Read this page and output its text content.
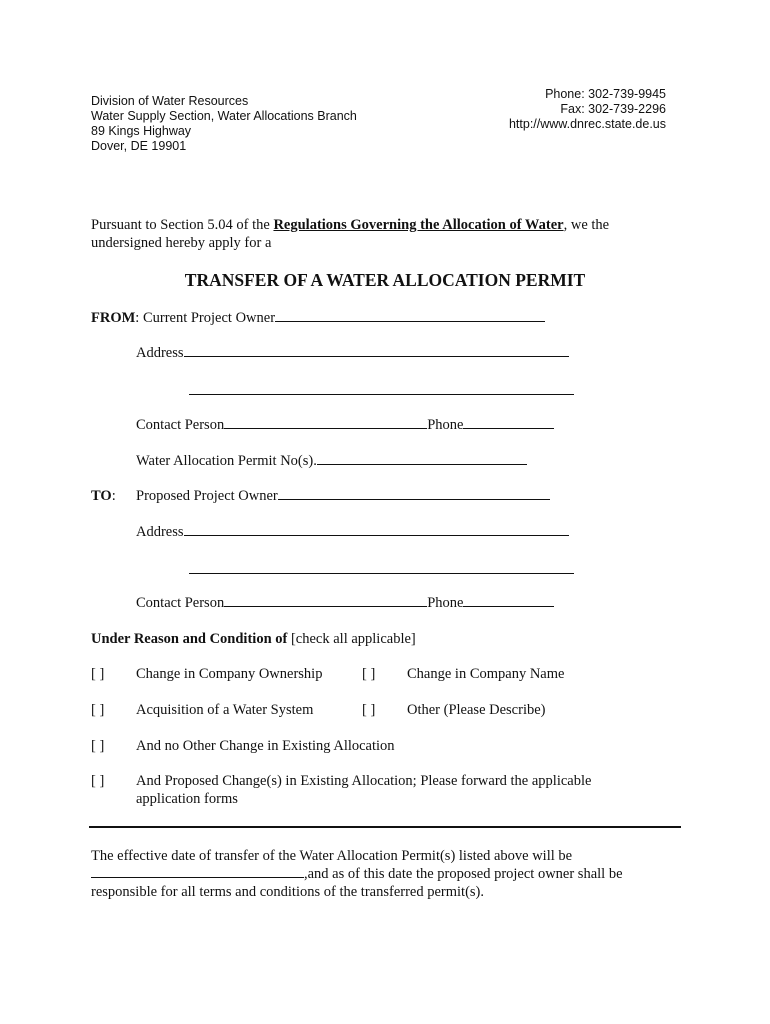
Division of Water Resources
Water Supply Section, Water Allocations Branch
89 Kings Highway
Dover, DE 19901
Phone: 302-739-9945
Fax: 302-739-2296
http://www.dnrec.state.de.us
Pursuant to Section 5.04 of the Regulations Governing the Allocation of Water, we the
undersigned hereby apply for a
TRANSFER OF A WATER ALLOCATION PERMIT
FROM: Current Project Owner
Address
Contact Person	Phone
Water Allocation Permit No(s).
TO: Proposed Project Owner
Address
Contact Person	Phone
Under Reason and Condition of [check all applicable]
[ ] Change in Company Ownership	[ ] Change in Company Name
[ ] Acquisition of a Water System	[ ] Other (Please Describe)
[ ] And no Other Change in Existing Allocation
[ ] And Proposed Change(s) in Existing Allocation; Please forward the applicable
application forms
The effective date of transfer of the Water Allocation Permit(s) listed above will be
,and as of this date the proposed project owner shall be
responsible for all terms and conditions of the transferred permit(s).
